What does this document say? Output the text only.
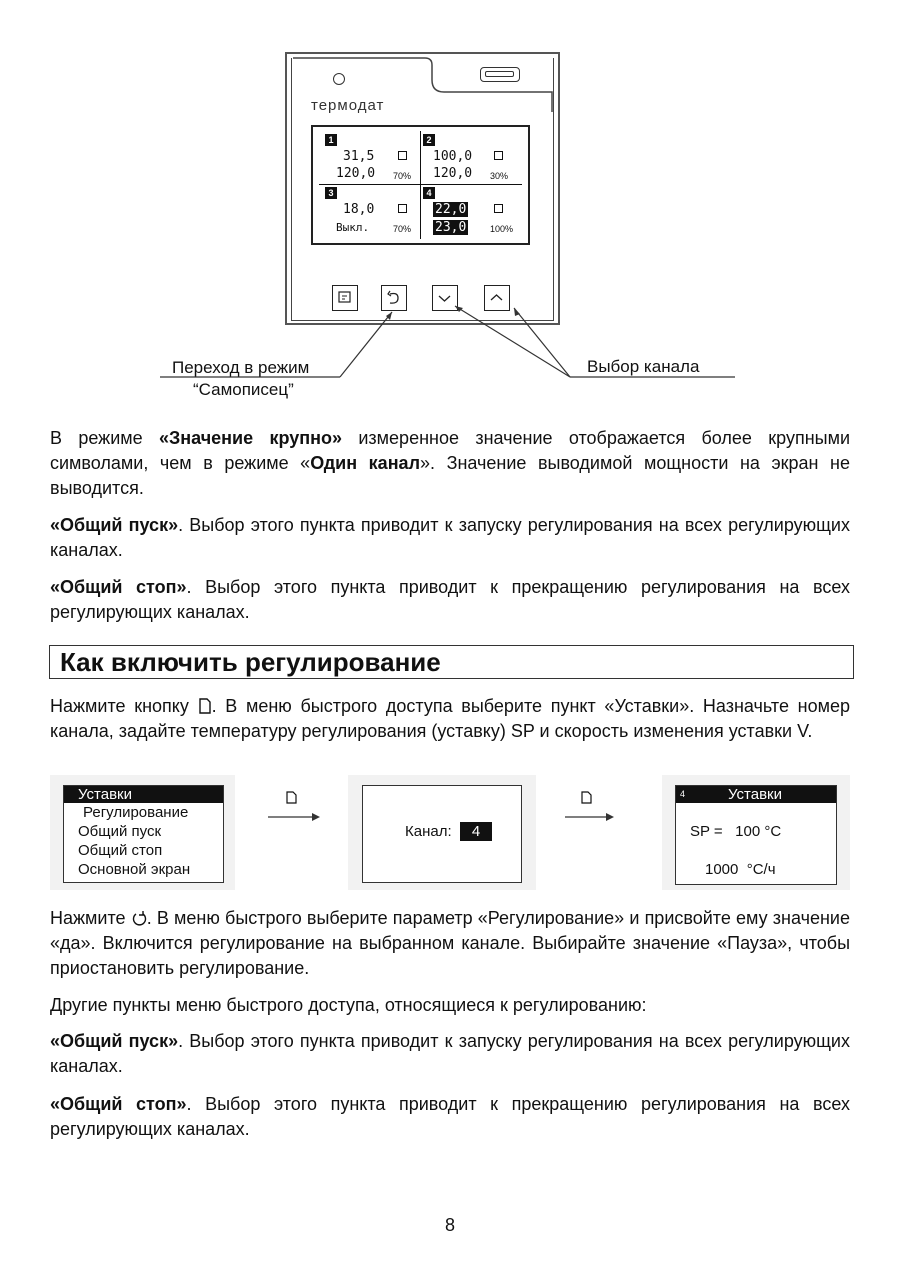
термодат
1
31,5
120,0 70%
2
100,0
120,0 30%
3
18,0
Выкл.	70%
4
22,0
23,0	100%
Переход в режим
“Самописец”
Выбор канала
В режиме «Значение крупно» измеренное значение отображается более крупными символами, чем в режиме «Один канал». Значение выводимой мощности на экран не выводится.
«Общий пуск». Выбор этого пункта приводит к запуску регулирования на всех регулирующих каналах.
«Общий стоп». Выбор этого пункта приводит к прекращению регулирования на всех регулирующих каналах.
Как включить регулирование
Нажмите кнопку . В меню быстрого доступа выберите пункт «Уставки». Назначьте номер канала, задайте температуру регулирования (уставку) SP и скорость изменения уставки V.
Уставки
Регулирование
Общий пуск
Общий стоп
Основной экран
Канал:	4
4	Уставки
SP =   100 °C
1000  °C/ч
Нажмите . В меню быстрого выберите параметр «Регулирование» и присвойте ему значение «да». Включится регулирование на выбранном канале. Выбирайте значение «Пауза», чтобы приостановить регулирование.
Другие пункты меню быстрого доступа, относящиеся к регулированию:
«Общий пуск». Выбор этого пункта приводит к запуску регулирования на всех регулирующих каналах.
«Общий стоп». Выбор этого пункта приводит к прекращению регулирования на всех регулирующих каналах.
8
